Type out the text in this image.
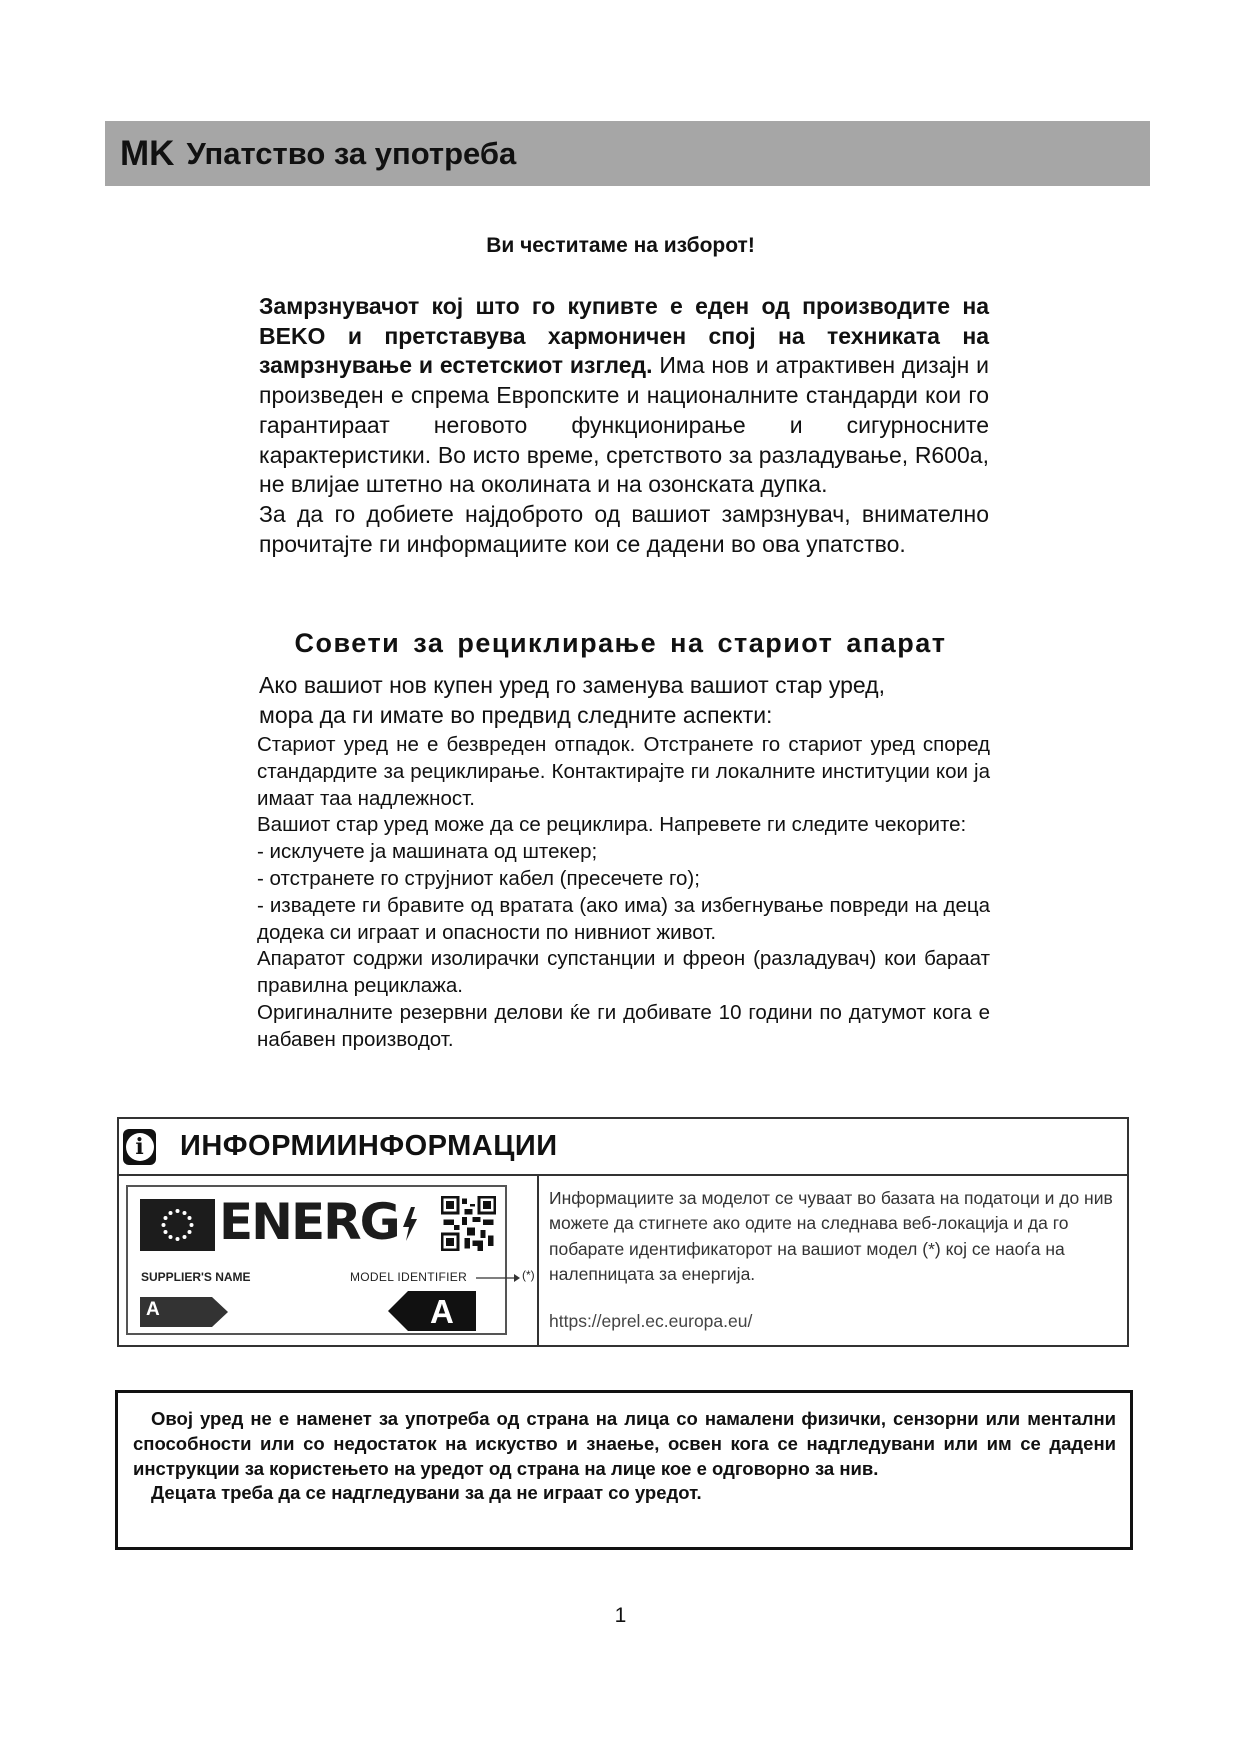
MK Упатство за употреба
Ви честитаме на изборот!

Замрзнувачот кој што го купивте е еден од производите на BEKO и претставува хармоничен спој на техниката на замрзнување и естетскиот изглед. Има нов и атрактивен дизајн и произведен е спрема Европските и националните стандарди кои го гарантираат неговото функционирање и сигурносните карактеристики. Во исто време, сретството за разладување, R600a, не влијае штетно на околината и на озонската дупка.

За да го добиете најдоброто од вашиот замрзнувач, внимателно прочитајте ги информациите кои се дадени во ова упатство.

Совети за рециклирање на стариот апарат

Ако вашиот нов купен уред го заменува вашиот стар уред,

мора да ги имате во предвид следните аспекти:

Стариот уред не е безвреден отпадок. Отстранете го стариот уред според стандардите за рециклирање. Контактирајте ги локалните институции кои ја имаат таа надлежност.

Вашиот стар уред може да се рециклира. Напревете ги следите чекорите:

- исклучете ја машината од штекер;

- отстранете го струјниот кабел (пресечете го);

- извадете ги бравите од вратата (ако има) за избегнување повреди на деца додека си играат и опасности по нивниот живот.

Апаратот содржи изолирачки супстанции и фреон (разладувач) кои бараат правилна рециклажа.

Оригиналните резервни делови ќе ги добивате 10 години по датумот кога е набавен производот.

i	ИНФОРМИИНФОРМАЦИИ
ENERG
SUPPLIER'S NAME	MODEL IDENTIFIER	(*)
A	A

Информациите за моделот се чуваат во базата на податоци и до нив можете да стигнете ако одите на следнава веб-локација и да го побарате идентификаторот на вашиот модел (*) кој се наоѓа на налепницата за енергија.

https://eprel.ec.europa.eu/

Овој уред не е наменет за употреба од страна на лица со намалени физички, сензорни или ментални способности или со недостаток на искуство и знаење, освен кога се надгледувани или им се дадени инструкции за користењето на уредот од страна на лице кое е одговорно за нив.

Децата треба да се надгледувани за да не играат со уредот.

1
